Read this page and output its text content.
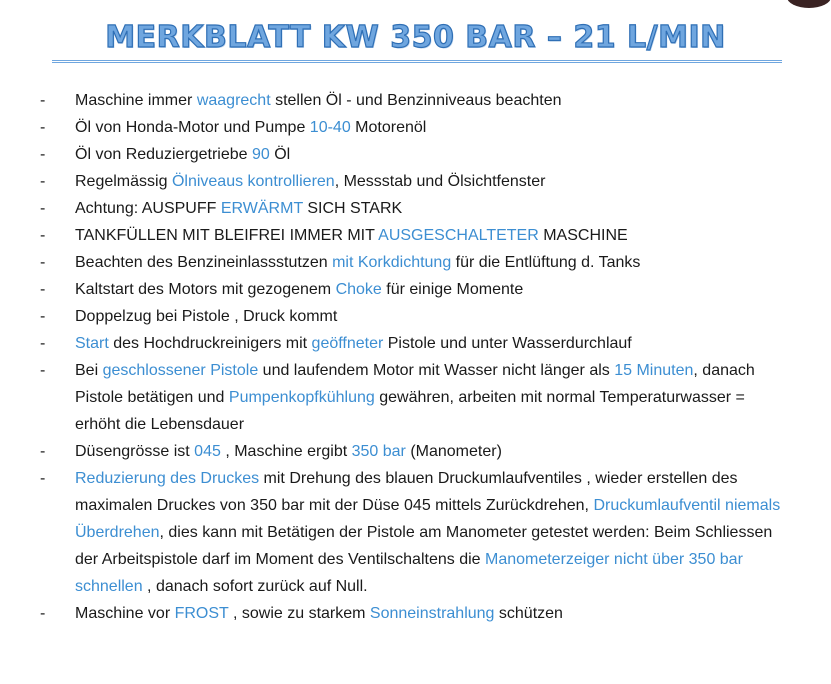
MERKBLATT KW 350 BAR – 21 L/MIN
-	Maschine immer waagrecht stellen Öl - und Benzinniveaus beachten
-	Öl von Honda-Motor und Pumpe 10-40 Motorenöl
-	Öl von Reduziergetriebe 90 Öl
-	Regelmässig Ölniveaus kontrollieren, Messstab und Ölsichtfenster
-	Achtung: AUSPUFF ERWÄRMT SICH STARK
-	TANKFÜLLEN MIT BLEIFREI IMMER MIT AUSGESCHALTETER MASCHINE
-	Beachten des Benzineinlassstutzen mit Korkdichtung für die Entlüftung d. Tanks
-	Kaltstart des Motors mit gezogenem Choke für einige Momente
-	Doppelzug bei Pistole , Druck kommt
-	Start des Hochdruckreinigers mit geöffneter Pistole und unter Wasserdurchlauf
-	Bei geschlossener Pistole und laufendem Motor mit Wasser nicht länger als 15 Minuten, danach Pistole betätigen und Pumpenkopfkühlung gewähren, arbeiten mit normal Temperaturwasser = erhöht die Lebensdauer
-	Düsengrösse ist 045 , Maschine ergibt 350 bar (Manometer)
-	Reduzierung des Druckes mit Drehung des blauen Druckumlaufventiles , wieder erstellen des maximalen Druckes von 350 bar mit der Düse 045 mittels Zurückdrehen, Druckumlaufventil niemals Überdrehen, dies kann mit Betätigen der Pistole am Manometer getestet werden: Beim Schliessen der Arbeitspistole darf im Moment des Ventilschaltens die Manometerzeiger nicht über 350 bar schnellen , danach sofort zurück auf Null.
-	Maschine vor FROST , sowie zu starkem Sonneinstrahlung schützen
